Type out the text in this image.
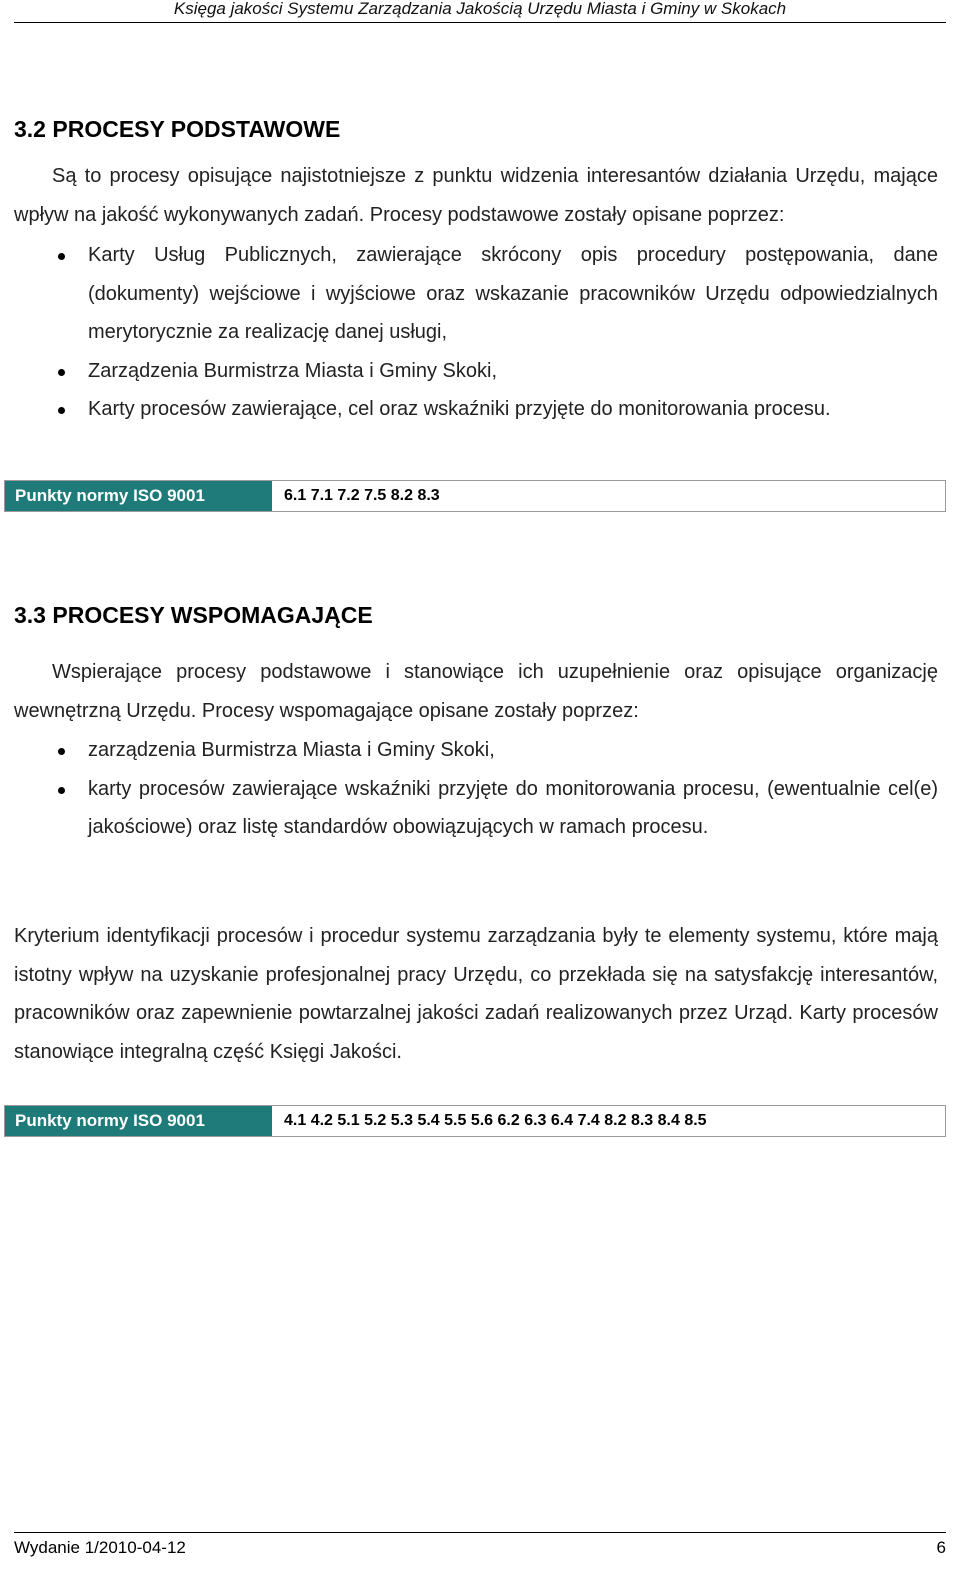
Księga jakości Systemu Zarządzania Jakością Urzędu Miasta i Gminy w Skokach
3.2 PROCESY PODSTAWOWE

Są to procesy opisujące najistotniejsze z punktu widzenia interesantów działania Urzędu, mające wpływ na jakość wykonywanych zadań. Procesy podstawowe zostały opisane poprzez:

Karty Usług Publicznych, zawierające skrócony opis procedury postępowania, dane (dokumenty) wejściowe i wyjściowe oraz wskazanie pracowników Urzędu odpowiedzialnych merytorycznie za realizację danej usługi,
Zarządzenia Burmistrza Miasta i Gminy Skoki,
Karty procesów zawierające, cel oraz wskaźniki przyjęte do monitorowania procesu.
Punkty normy ISO 9001	6.1 7.1 7.2 7.5 8.2 8.3
3.3 PROCESY WSPOMAGAJĄCE

Wspierające procesy podstawowe i stanowiące ich uzupełnienie oraz opisujące organizację wewnętrzną Urzędu. Procesy wspomagające opisane zostały poprzez:

zarządzenia Burmistrza Miasta i Gminy Skoki,
karty procesów zawierające wskaźniki przyjęte do monitorowania procesu, (ewentualnie cel(e) jakościowe) oraz listę standardów obowiązujących w ramach procesu.

Kryterium identyfikacji procesów i procedur systemu zarządzania były te elementy systemu, które mają istotny wpływ na uzyskanie profesjonalnej pracy Urzędu, co przekłada się na satysfakcję interesantów, pracowników oraz zapewnienie powtarzalnej jakości zadań realizowanych przez Urząd. Karty procesów stanowiące integralną część Księgi Jakości.

Punkty normy ISO 9001	4.1 4.2 5.1 5.2 5.3 5.4 5.5 5.6 6.2 6.3 6.4 7.4 8.2 8.3 8.4 8.5
Wydanie 1/2010-04-12	6
